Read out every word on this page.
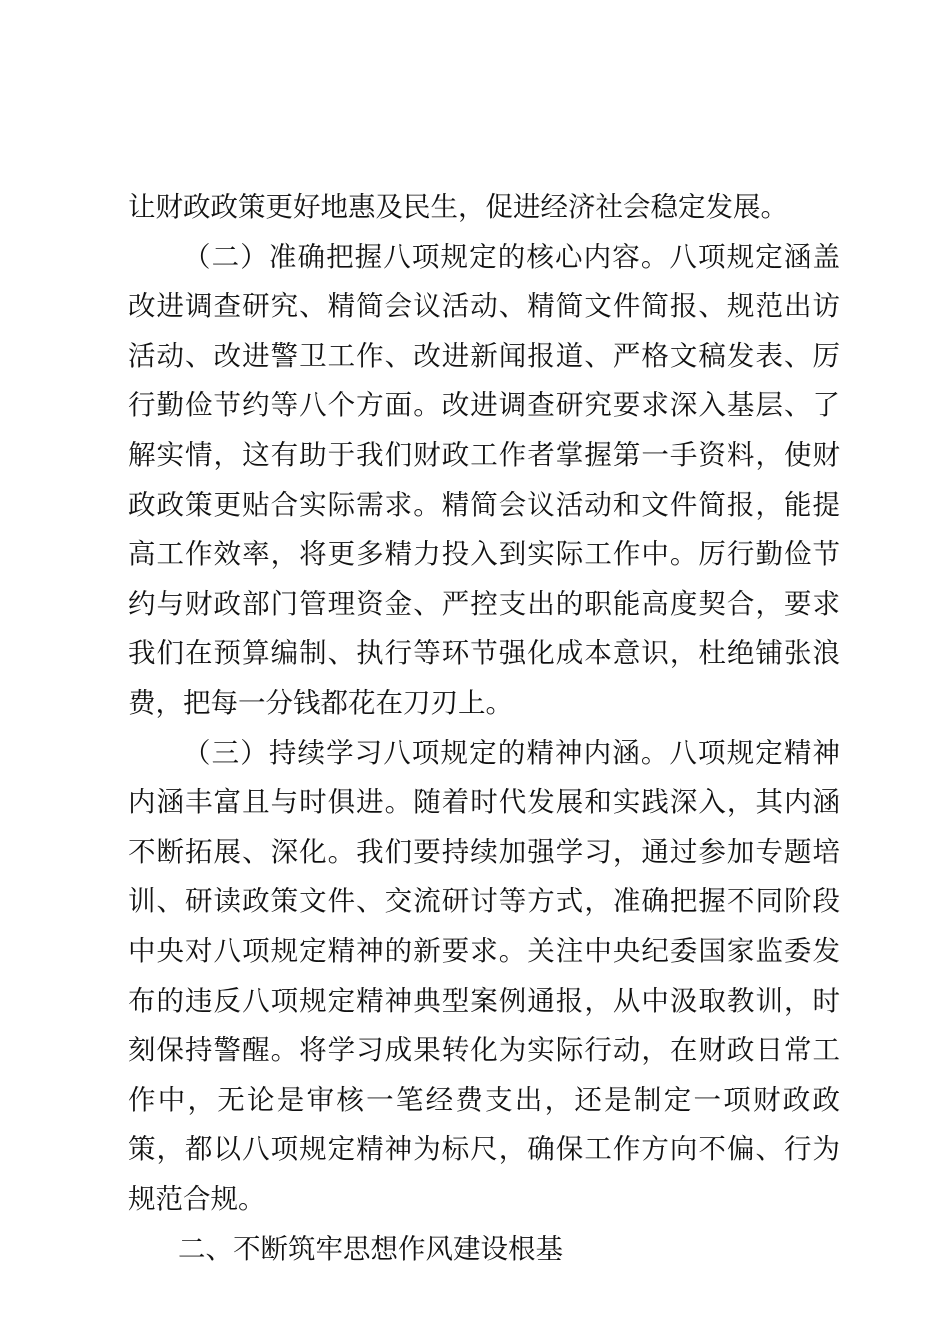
让财政政策更好地惠及民生，促进经济社会稳定发展。

（二）准确把握八项规定的核心内容。八项规定涵盖改进调查研究、精简会议活动、精简文件简报、规范出访活动、改进警卫工作、改进新闻报道、严格文稿发表、厉行勤俭节约等八个方面。改进调查研究要求深入基层、了解实情，这有助于我们财政工作者掌握第一手资料，使财政政策更贴合实际需求。精简会议活动和文件简报，能提高工作效率，将更多精力投入到实际工作中。厉行勤俭节约与财政部门管理资金、严控支出的职能高度契合，要求我们在预算编制、执行等环节强化成本意识，杜绝铺张浪费，把每一分钱都花在刀刃上。

（三）持续学习八项规定的精神内涵。八项规定精神内涵丰富且与时俱进。随着时代发展和实践深入，其内涵不断拓展、深化。我们要持续加强学习，通过参加专题培训、研读政策文件、交流研讨等方式，准确把握不同阶段中央对八项规定精神的新要求。关注中央纪委国家监委发布的违反八项规定精神典型案例通报，从中汲取教训，时刻保持警醒。将学习成果转化为实际行动，在财政日常工作中，无论是审核一笔经费支出，还是制定一项财政政策，都以八项规定精神为标尺，确保工作方向不偏、行为规范合规。

二、不断筑牢思想作风建设根基
